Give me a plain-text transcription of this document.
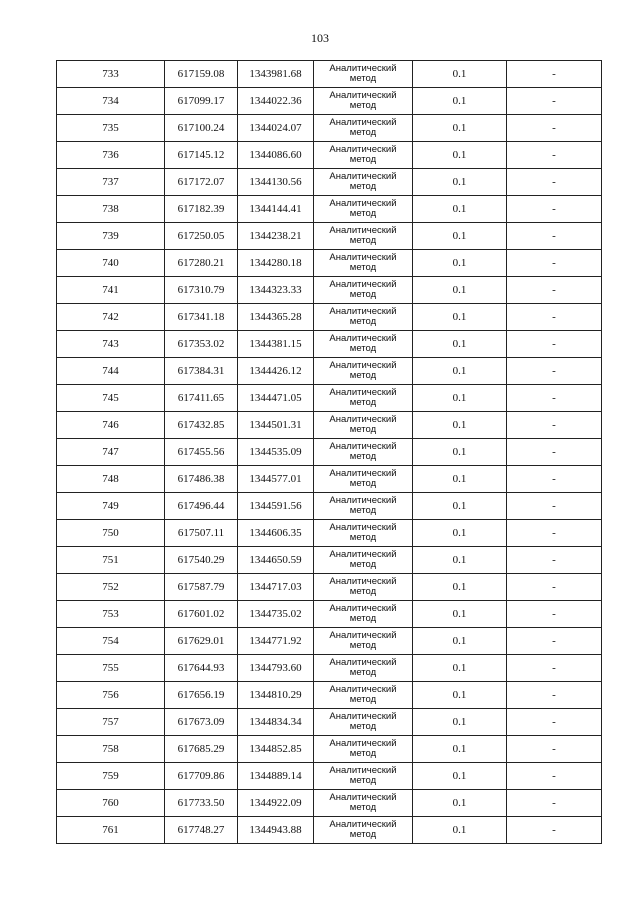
103
733	617159.08	1343981.68	Аналитический
метод	0.1	-
734	617099.17	1344022.36	Аналитический
метод	0.1	-
735	617100.24	1344024.07	Аналитический
метод	0.1	-
736	617145.12	1344086.60	Аналитический
метод	0.1	-
737	617172.07	1344130.56	Аналитический
метод	0.1	-
738	617182.39	1344144.41	Аналитический
метод	0.1	-
739	617250.05	1344238.21	Аналитический
метод	0.1	-
740	617280.21	1344280.18	Аналитический
метод	0.1	-
741	617310.79	1344323.33	Аналитический
метод	0.1	-
742	617341.18	1344365.28	Аналитический
метод	0.1	-
743	617353.02	1344381.15	Аналитический
метод	0.1	-
744	617384.31	1344426.12	Аналитический
метод	0.1	-
745	617411.65	1344471.05	Аналитический
метод	0.1	-
746	617432.85	1344501.31	Аналитический
метод	0.1	-
747	617455.56	1344535.09	Аналитический
метод	0.1	-
748	617486.38	1344577.01	Аналитический
метод	0.1	-
749	617496.44	1344591.56	Аналитический
метод	0.1	-
750	617507.11	1344606.35	Аналитический
метод	0.1	-
751	617540.29	1344650.59	Аналитический
метод	0.1	-
752	617587.79	1344717.03	Аналитический
метод	0.1	-
753	617601.02	1344735.02	Аналитический
метод	0.1	-
754	617629.01	1344771.92	Аналитический
метод	0.1	-
755	617644.93	1344793.60	Аналитический
метод	0.1	-
756	617656.19	1344810.29	Аналитический
метод	0.1	-
757	617673.09	1344834.34	Аналитический
метод	0.1	-
758	617685.29	1344852.85	Аналитический
метод	0.1	-
759	617709.86	1344889.14	Аналитический
метод	0.1	-
760	617733.50	1344922.09	Аналитический
метод	0.1	-
761	617748.27	1344943.88	Аналитический
метод	0.1	-
